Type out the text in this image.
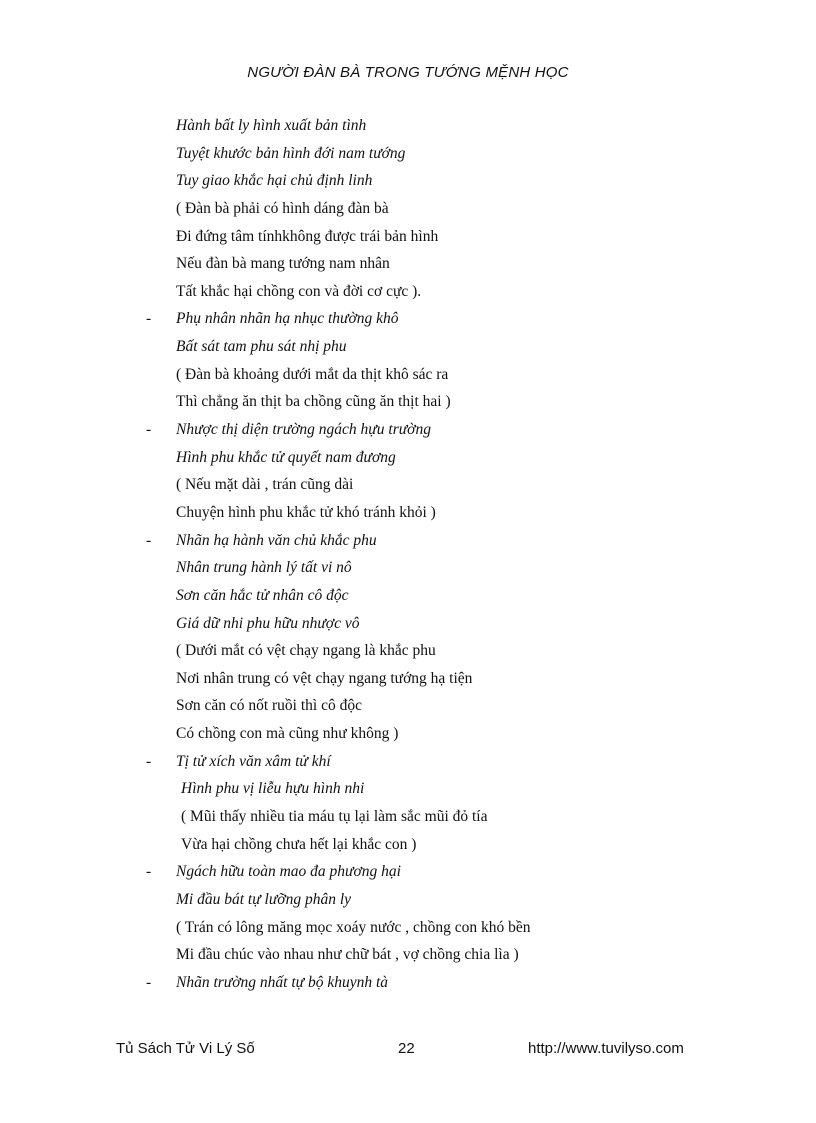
NGƯỜI ĐÀN BÀ TRONG TƯỚNG MỆNH HỌC
Hành bất ly hình xuất bản tình
Tuyệt khước bản hình đới nam tướng
Tuy giao khắc hại chủ định linh
( Đàn bà phải có hình dáng đàn bà
Đi đứng tâm tínhkhông được trái bản hình
Nếu đàn bà mang tướng nam nhân
Tất khắc hại chồng con và đời cơ cực ).
- Phụ nhân nhãn hạ nhục thường khô
Bất sát tam phu sát nhị phu
( Đàn bà khoảng dưới mắt da thịt khô sác ra
Thì chẳng ăn thịt ba chồng cũng ăn thịt hai )
- Nhược thị diện trường ngách hựu trường
Hình phu khắc tử quyết nam đương
( Nếu mặt dài , trán cũng dài
Chuyện hình phu khắc tử khó tránh khỏi )
- Nhãn hạ hành văn chủ khắc phu
Nhân trung hành lý tất vi nô
Sơn căn hắc tử nhân cô độc
Giá dữ nhi phu hữu nhược vô
( Dưới mắt có vệt chạy ngang là khắc phu
Nơi nhân trung có vệt chạy ngang tướng hạ tiện
Sơn căn có nốt ruồi thì cô độc
Có chồng con mà cũng như không )
- Tị tử xích văn xâm tử khí
Hình phu vị liễu hựu hình nhi
( Mũi thấy nhiều tia máu tụ lại làm sắc mũi đỏ tía
Vừa hại chồng chưa hết lại khắc con )
- Ngách hữu toàn mao đa phương hại
Mi đầu bát tự lưỡng phân ly
( Trán có lông măng mọc xoáy nước , chồng con khó bền
Mi đầu chúc vào nhau như chữ bát , vợ chồng chia lìa )
- Nhãn trường nhất tự bộ khuynh tà
Tủ Sách Tử Vi Lý Số	22	http://www.tuvilyso.com
